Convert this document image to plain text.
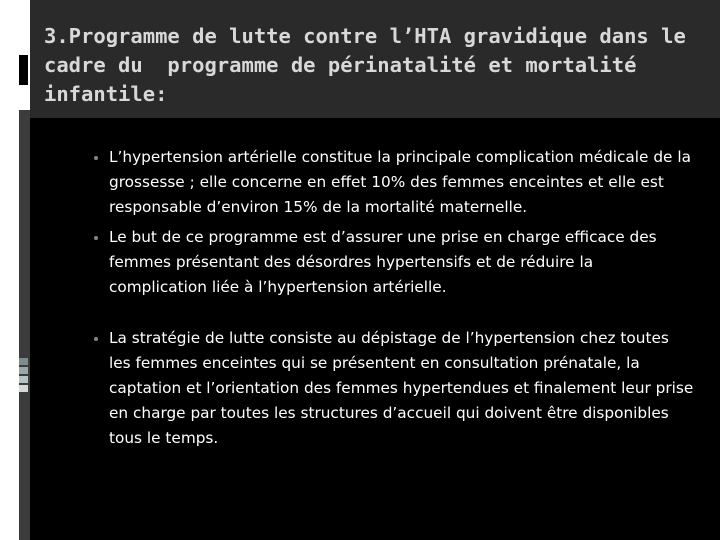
3.Programme de lutte contre l’HTA gravidique dans le cadre du  programme de périnatalité et mortalité infantile:
L’hypertension artérielle constitue la principale complication médicale de la grossesse ; elle concerne en effet 10% des femmes enceintes et elle est responsable d’environ 15% de la mortalité maternelle.
Le but de ce programme est d’assurer une prise en charge efficace des femmes présentant des désordres hypertensifs et de réduire la complication liée à l’hypertension artérielle.
La stratégie de lutte consiste au dépistage de l’hypertension chez toutes les femmes enceintes qui se présentent en consultation prénatale, la captation et l’orientation des femmes hypertendues et finalement leur prise en charge par toutes les structures d’accueil qui doivent être disponibles tous le temps.
